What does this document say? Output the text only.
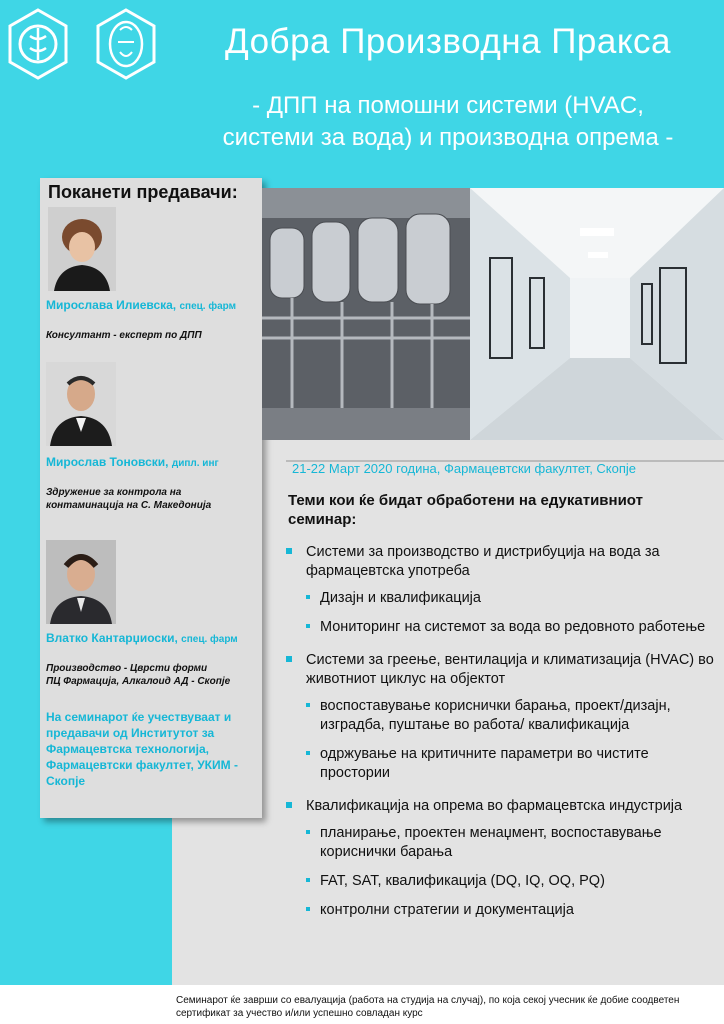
Добра Производна Пракса
- ДПП на помошни системи (HVAC,
системи за вода) и производна опрема -
Поканети предавачи:
Мирослава Илиевска, спец. фарм
Консултант - експерт по ДПП
Мирослав Тоновски, дипл. инг
Здружение за контрола на
контаминација на С. Македонија
Влатко Кантарџиоски, спец. фарм
Производство - Цврсти форми
ПЦ Фармација, Алкалоид АД - Скопје
На семинарот ќе учествуваат и предавачи од Институтот за Фармацевтска технологија, Фармацевтски факултет, УКИМ - Скопје
21-22 Март 2020 година, Фармацевтски факултет, Скопје
Теми кои ќе бидат обработени на едукативниот семинар:
Системи за производство и дистрибуција на вода за фармацевтска употреба
Дизајн и квалификација
Мониторинг на системот за вода во редовното работење
Системи за греење, вентилација и климатизација (HVAC) во животниот циклус на објектот
воспоставување кориснички барања, проект/дизајн, изградба, пуштање во работа/ квалификација
одржување на критичните параметри во чистите простории
Квалификација на опрема во фармацевтска индустрија
планирање, проектен менаџмент, воспоставување кориснички барања
FAT, SAT, квалификација (DQ, IQ, OQ, PQ)
контролни стратегии и документација
Семинарот ќе заврши со евалуација (работа на студија на случај), по која секој учесник ќе добие соодветен сертификат за учество и/или успешно совладан курс
